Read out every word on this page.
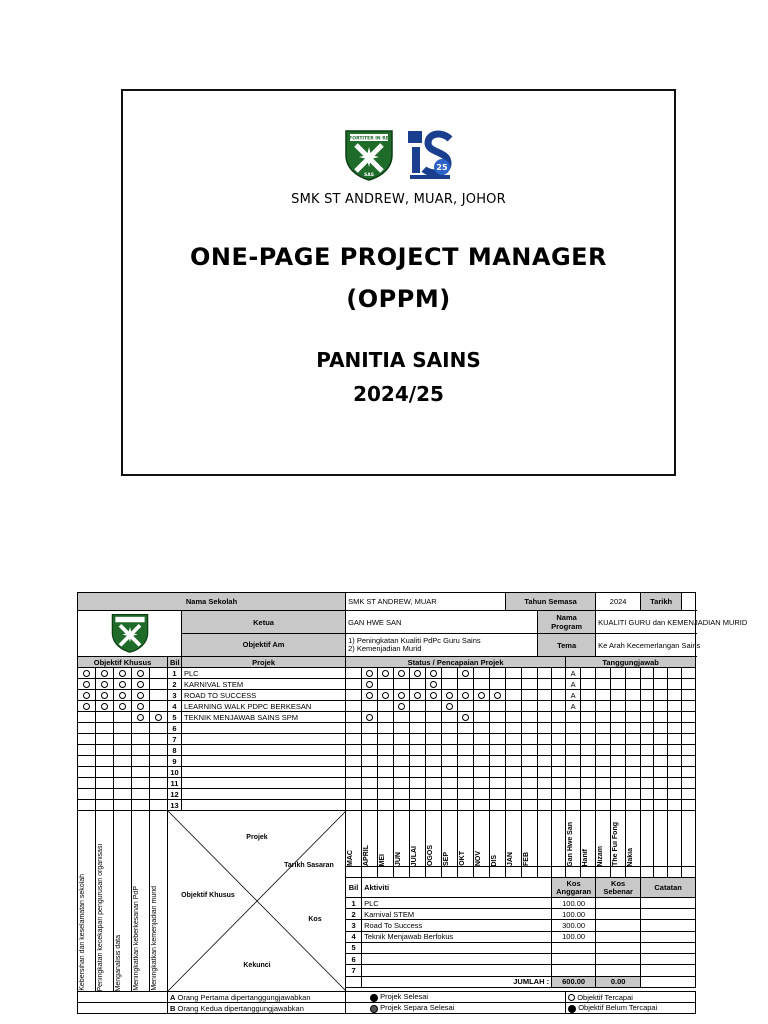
FORTITER IN RE
SAS
25
SMK ST ANDREW, MUAR, JOHOR
ONE-PAGE PROJECT MANAGER
(OPPM)
PANITIA SAINS
2024/25
Nama Sekolah							SMK ST ANDREW, MUAR										Tahun Semasa						2024			Tarikh			
	Ketua	GAN HWE SAN												Nama Program				KUALITI GURU dan KEMENJADIAN MURID						
						Objektif Am	1) Peningkatan Kualiti PdPc Guru Sains
2) Kemenjadian Murid												Tema				Ke Arah Kecemerlangan Sains						
Objektif Khusus					Bil	Projek	Status / Pencapaian Projek														Tanggungjawab								
					1	PLC															A								
					2	KARNIVAL STEM															A								
					3	ROAD TO SUCCESS															A								
					4	LEARNING WALK PDPC BERKESAN															A								
					5	TEKNIK MENJAWAB SAINS SPM																							
					6																								
					7																								
					8																								
					9																								
					10																								
					11																								
					12																								
					13																								

Kebersihan dan keselamatan sekolah	Peningkatan kecekapan pengurusan organisasi	Menganalisis data	Meningkatkan keberkesanan PdP	Meningkatkan kemenjadian murid	Projek
Tarikh Sasaran
Objektif Khusus
Kos
Kekunci		MAC	APRIL	MEI	JUN	JULAI	OGOS	SEP	OKT	NOV	DIS	JAN	FEB			Gan Hwe San	Hanif	Nizam	The Fui Fong	Nakia				

							Bil	Aktiviti												Kos Anggaran			Kos Sebenar			Catatan			
							1	PLC												100.00									
							2	Karnival STEM												100.00									
							3	Road To Success												300.00									
							4	Teknik Menjawab Berfokus												100.00									
							5																						
							6																						
							7																						
								JUMLAH :												600.00			0.00						

					A Orang Pertama dipertanggungjawabkan		Projek Selesai														Objektif Tercapai								
					B Orang Kedua dipertanggungjawabkan		Projek Separa Selesai														Objektif Belum Tercapai								
